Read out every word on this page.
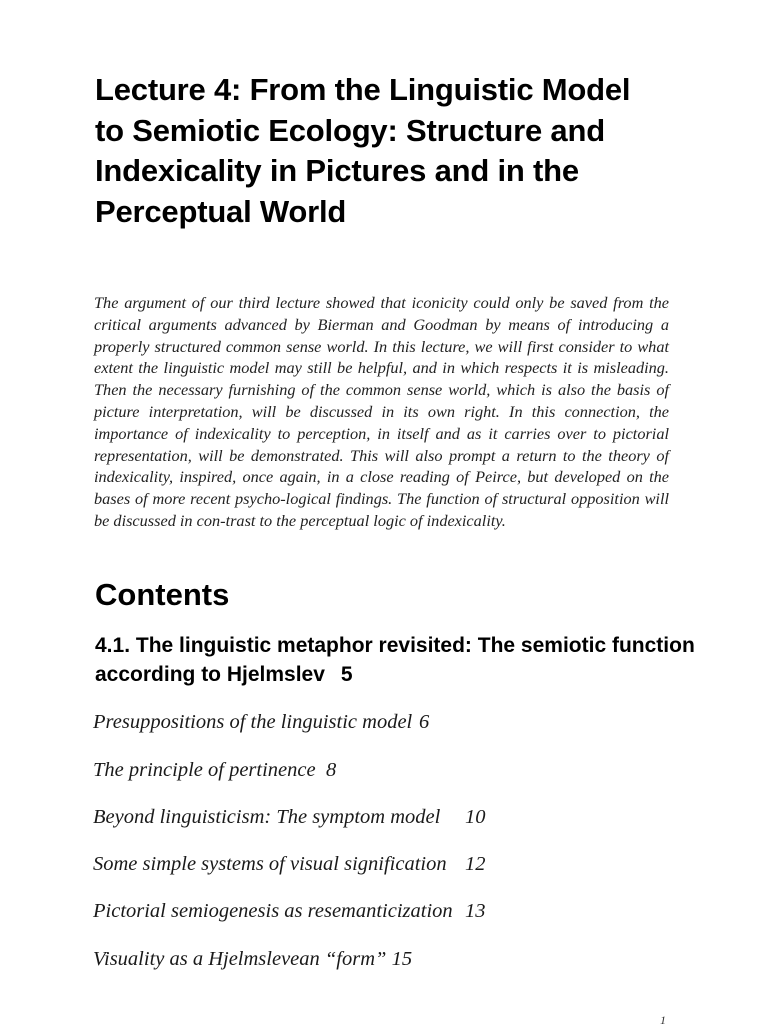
Lecture 4: From the Linguistic Model to Semiotic Ecology: Structure and Indexicality in Pictures and in the Perceptual World

The argument of our third lecture showed that iconicity could only be saved from the critical arguments advanced by Bierman and Goodman by means of introducing a properly structured common sense world. In this lecture, we will first consider to what extent the linguistic model may still be helpful, and in which respects it is misleading. Then the necessary furnishing of the common sense world, which is also the basis of picture interpretation, will be discussed in its own right. In this connection, the importance of indexicality to perception, in itself and as it carries over to pictorial representation, will be demonstrated. This will also prompt a return to the theory of indexicality, inspired, once again, in a close reading of Peirce, but developed on the bases of more recent psycho-logical findings. The function of structural opposition will be discussed in con-trast to the perceptual logic of indexicality.

Contents
4.1. The linguistic metaphor revisited: The semiotic function according to Hjelmslev 5
Presuppositions of the linguistic model 6
The principle of pertinence 8
Beyond linguisticism: The symptom model 10
Some simple systems of visual signification 12
Pictorial semiogenesis as resemanticization 13
Visuality as a Hjelmslevean “form” 15
1
